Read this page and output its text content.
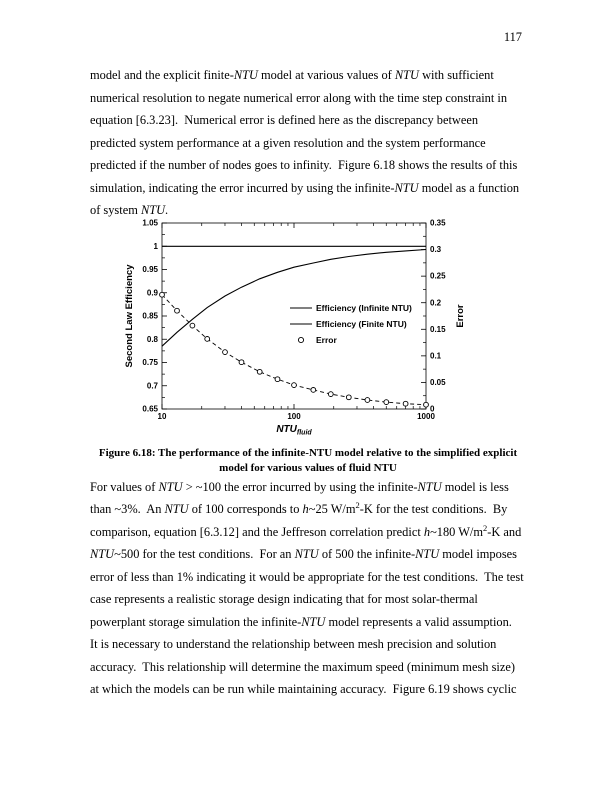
117

model and the explicit finite-NTU model at various values of NTU with sufficient numerical resolution to negate numerical error along with the time step constraint in equation [6.3.23].  Numerical error is defined here as the discrepancy between predicted system performance at a given resolution and the system performance predicted if the number of nodes goes to infinity.  Figure 6.18 shows the results of this simulation, indicating the error incurred by using the infinite-NTU model as a function of system NTU.

0.65
0.7
0.75
0.8
0.85
0.9
0.95
1
1.05
0
0.05
0.1
0.15
0.2
0.25
0.3
0.35
10	100	1000
Second Law Efficiency	Error
$NTU_{fluid}$
Efficiency (Infinite NTU)
Efficiency (Finite NTU)
Error

Figure 6.18: The performance of the infinite-NTU model relative to the simplified explicit model for various values of fluid NTU

For values of NTU > ~100 the error incurred by using the infinite-NTU model is less than ~3%.  An NTU of 100 corresponds to h~25 $W/m^2-K$ for the test conditions.  By comparison, equation [6.3.12] and the Jeffreson correlation predict h~180 $W/m^2-K$ and NTU~500 for the test conditions.  For an NTU of 500 the infinite-NTU model imposes error of less than 1% indicating it would be appropriate for the test conditions.  The test case represents a realistic storage design indicating that for most solar-thermal powerplant storage simulation the infinite-NTU model represents a valid assumption.

It is necessary to understand the relationship between mesh precision and solution accuracy.  This relationship will determine the maximum speed (minimum mesh size) at which the models can be run while maintaining accuracy.  Figure 6.19 shows cyclic
